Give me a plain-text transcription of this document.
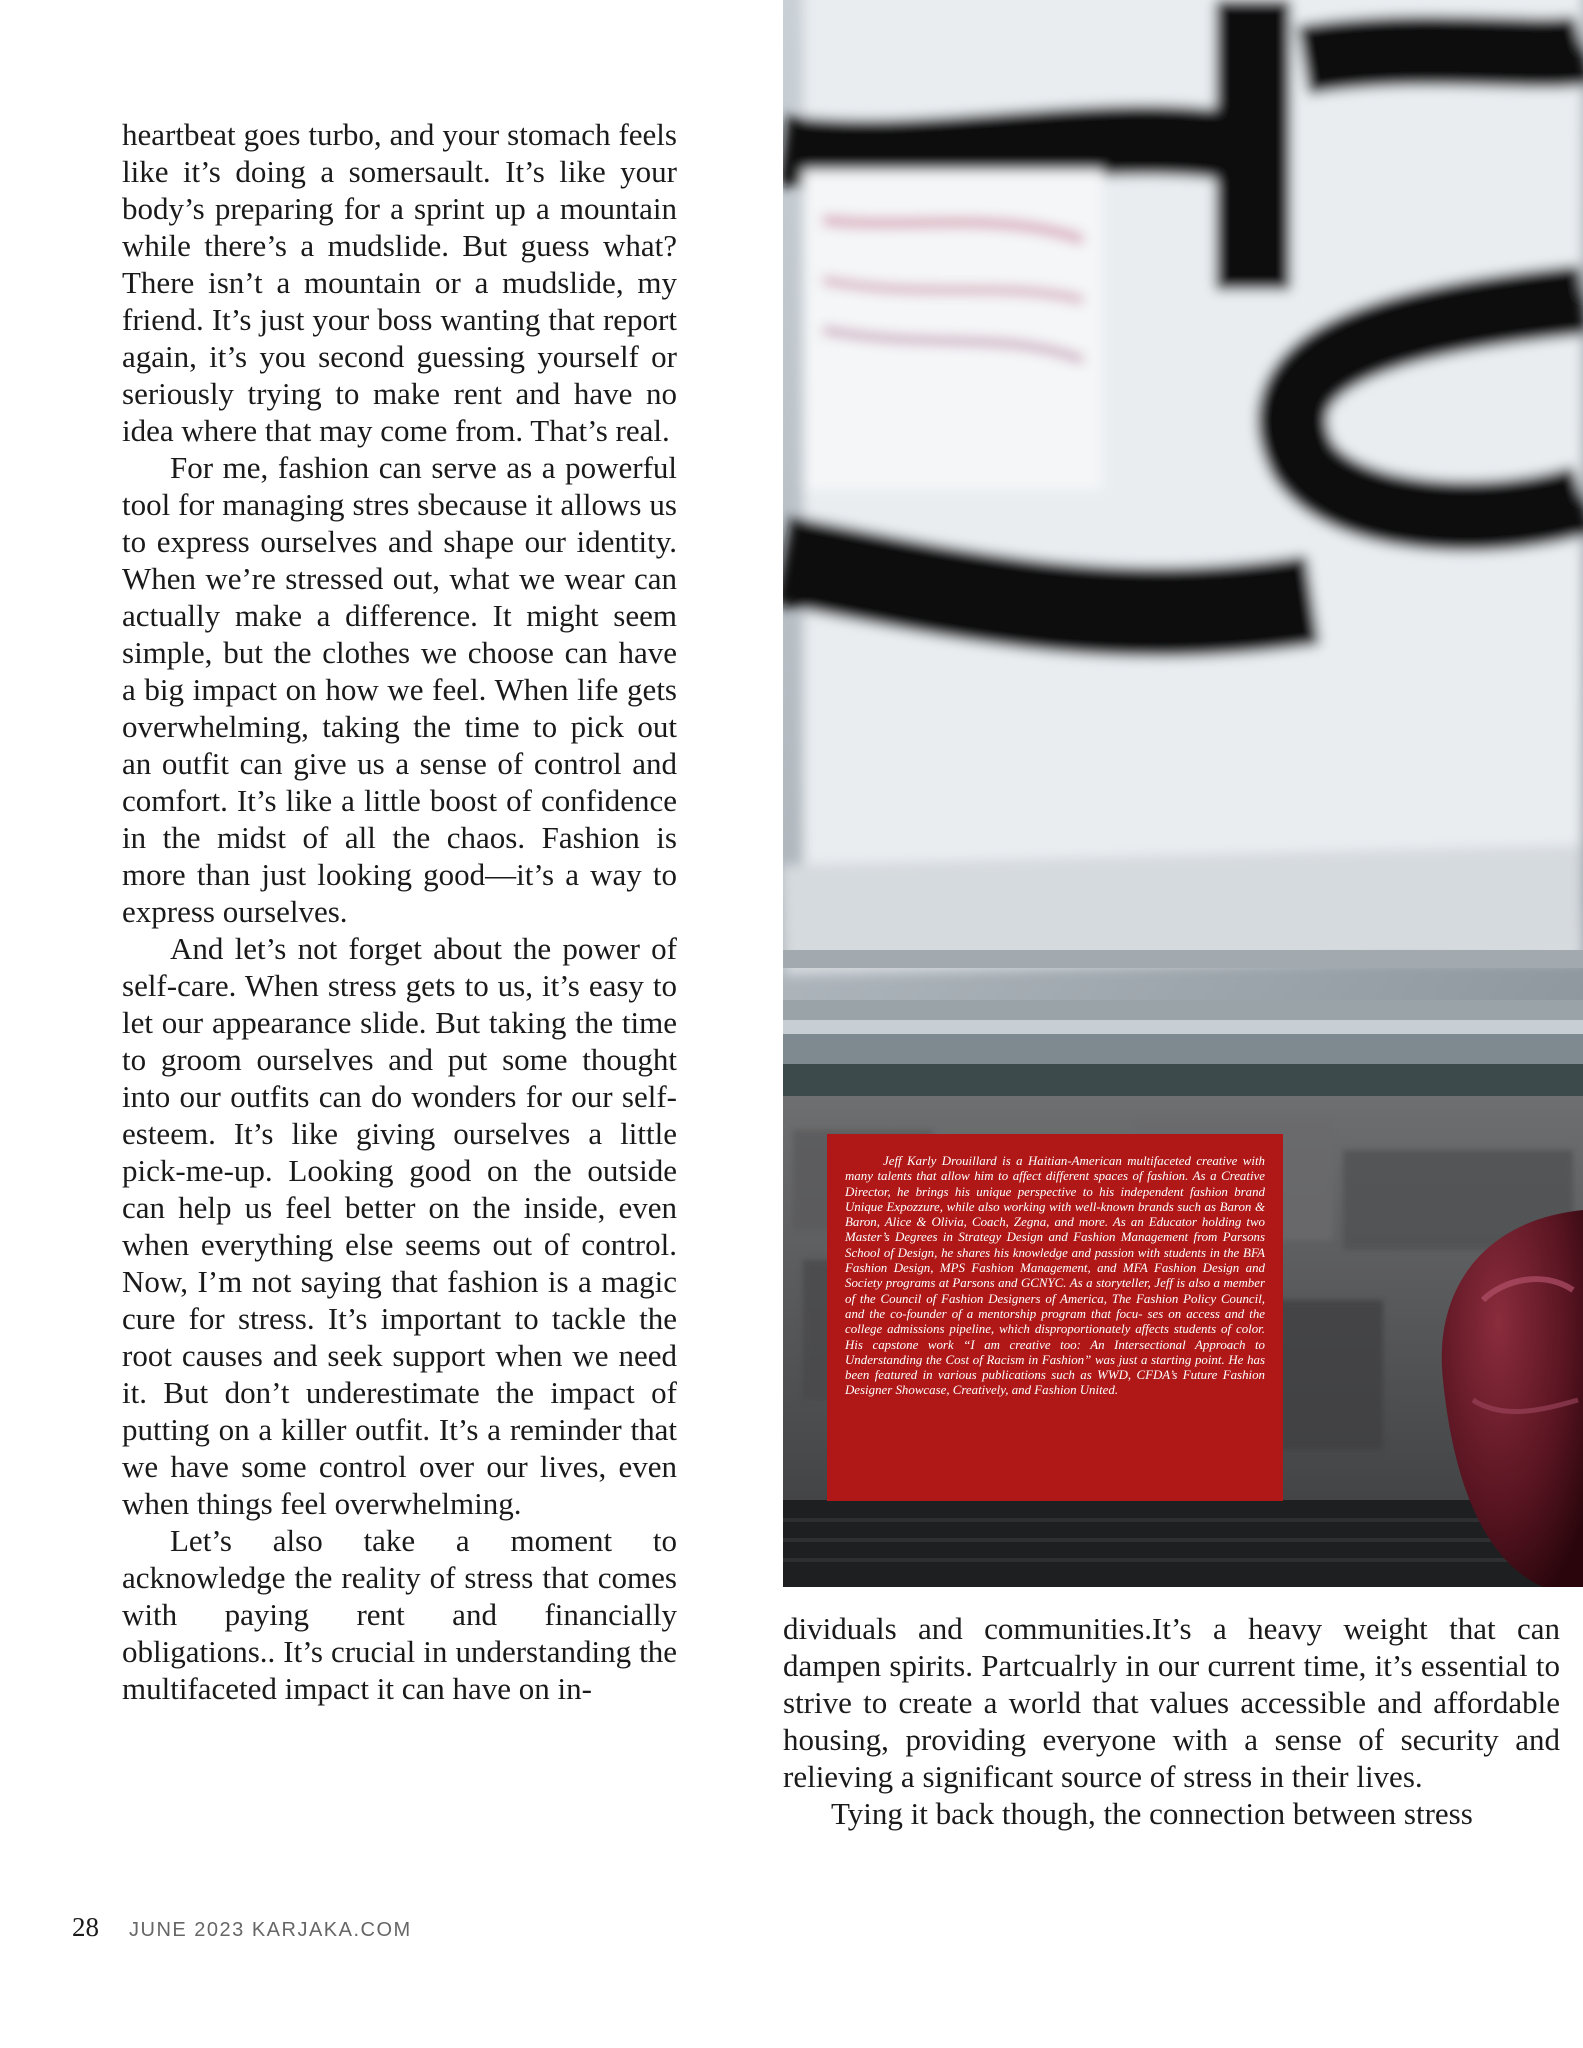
heartbeat goes turbo, and your stomach feels like it’s doing a somersault. It’s like your body’s preparing for a sprint up a mountain while there’s a mudslide. But guess what? There isn’t a mountain or a mudslide, my friend. It’s just your boss wanting that report again, it’s you second guessing yourself or seriously trying to make rent and have no idea where that may come from. That’s real.

For me, fashion can serve as a powerful tool for managing stres sbecause it allows us to express ourselves and shape our identity. When we’re stressed out, what we wear can actually make a difference. It might seem simple, but the clothes we choose can have a big impact on how we feel. When life gets overwhelming, taking the time to pick out an outfit can give us a sense of control and comfort. It’s like a little boost of confidence in the midst of all the chaos. Fashion is more than just looking good—it’s a way to express ourselves.

And let’s not forget about the power of self-care. When stress gets to us, it’s easy to let our appearance slide. But taking the time to groom ourselves and put some thought into our outfits can do wonders for our self-esteem. It’s like giving ourselves a little pick-me-up. Looking good on the outside can help us feel better on the inside, even when everything else seems out of control. Now, I’m not saying that fashion is a magic cure for stress. It’s important to tackle the root causes and seek support when we need it. But don’t underestimate the impact of putting on a killer outfit. It’s a reminder that we have some control over our lives, even when things feel overwhelming.

Let’s also take a moment to acknowledge the reality of stress that comes with paying rent and financially obligations.. It’s crucial in understanding the multifaceted impact it can have on in-

Jeff Karly Drouillard is a Haitian-American multifaceted creative with many talents that allow him to affect different spaces of fashion. As a Creative Director, he brings his unique perspective to his independent fashion brand Unique Expozzure, while also working with well-known brands such as Baron & Baron, Alice & Olivia, Coach, Zegna, and more. As an Educator holding two Master’s Degrees in Strategy Design and Fashion Management from Parsons School of Design, he shares his knowledge and passion with students in the BFA Fashion Design, MPS Fashion Management, and MFA Fashion Design and Society programs at Parsons and GCNYC. As a storyteller, Jeff is also a member of the Council of Fashion Designers of America, The Fashion Policy Council, and the co-founder of a mentorship program that focu- ses on access and the college admissions pipeline, which disproportionately affects students of color. His capstone work “I am creative too: An Intersectional Approach to Understanding the Cost of Racism in Fashion” was just a starting point. He has been featured in various publications such as WWD, CFDA’s Future Fashion Designer Showcase, Creatively, and Fashion United.

dividuals and communities.It’s a heavy weight that can dampen spirits. Partcualrly in our current time, it’s essential to strive to create a world that values accessible and affordable housing, providing everyone with a sense of security and relieving a significant source of stress in their lives.

Tying it back though, the connection between stress

28 JUNE 2023 KARJAKA.COM
